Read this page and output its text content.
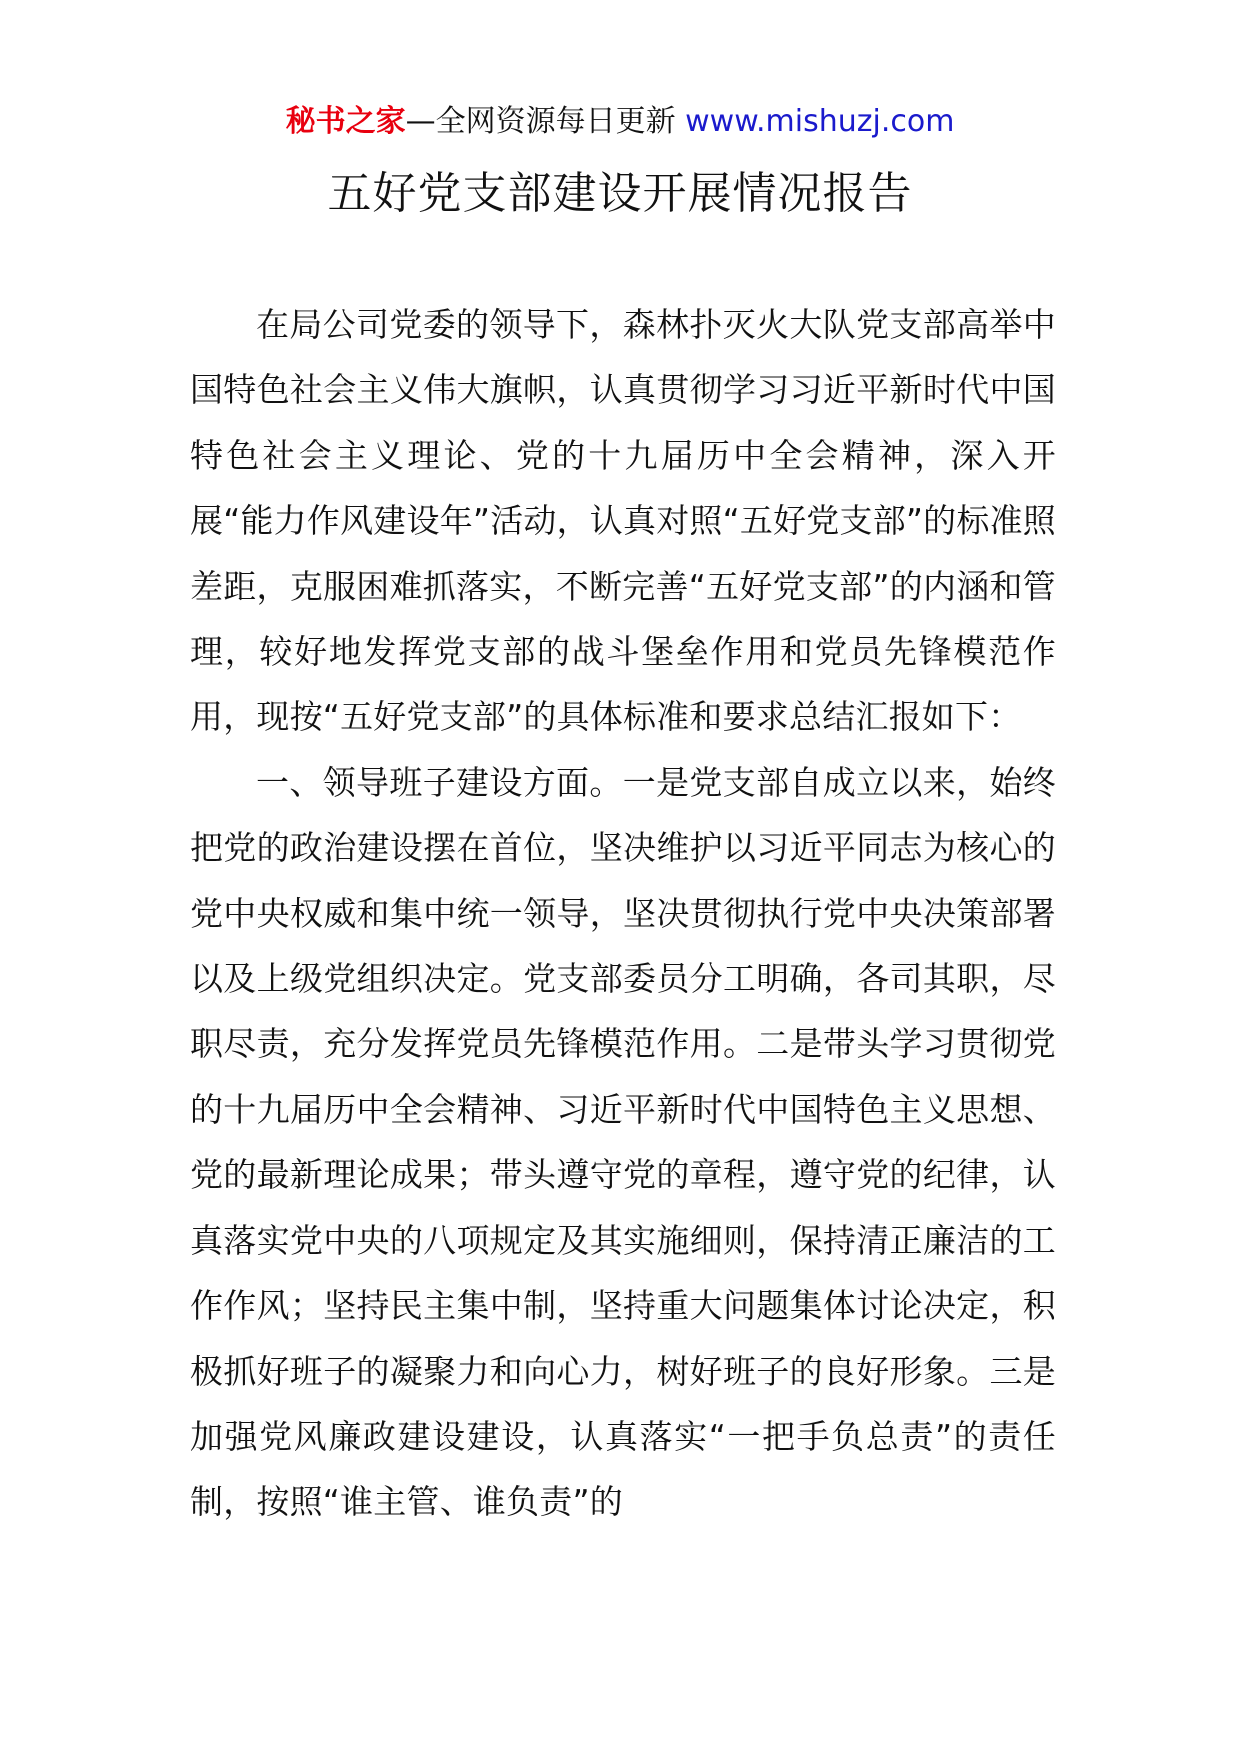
秘书之家—全网资源每日更新 www.mishuzj.com
五好党支部建设开展情况报告

在局公司党委的领导下，森林扑灭火大队党支部高举中国特色社会主义伟大旗帜，认真贯彻学习习近平新时代中国特色社会主义理论、党的十九届历中全会精神，深入开展“能力作风建设年”活动，认真对照“五好党支部”的标准照差距，克服困难抓落实，不断完善“五好党支部”的内涵和管理，较好地发挥党支部的战斗堡垒作用和党员先锋模范作用，现按“五好党支部”的具体标准和要求总结汇报如下：

一、领导班子建设方面。一是党支部自成立以来，始终把党的政治建设摆在首位，坚决维护以习近平同志为核心的党中央权威和集中统一领导，坚决贯彻执行党中央决策部署以及上级党组织决定。党支部委员分工明确，各司其职，尽职尽责，充分发挥党员先锋模范作用。二是带头学习贯彻党的十九届历中全会精神、习近平新时代中国特色主义思想、党的最新理论成果；带头遵守党的章程，遵守党的纪律，认真落实党中央的八项规定及其实施细则，保持清正廉洁的工作作风；坚持民主集中制，坚持重大问题集体讨论决定，积极抓好班子的凝聚力和向心力，树好班子的良好形象。三是加强党风廉政建设建设，认真落实“一把手负总责”的责任制，按照“谁主管、谁负责”的
